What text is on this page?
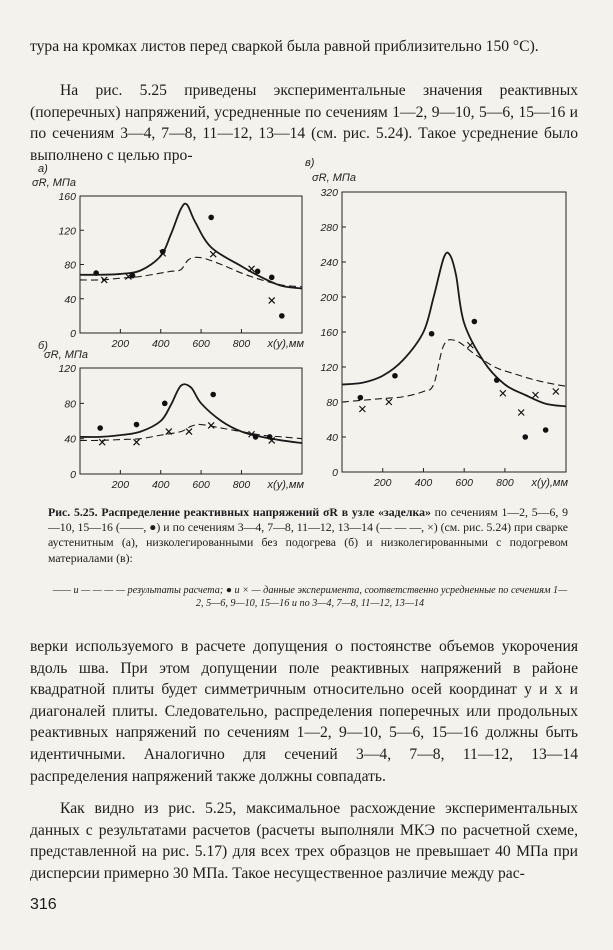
тура на кромках листов перед сваркой была равной приблизительно 150 °С).

На рис. 5.25 приведены экспериментальные значения реактивных (поперечных) напряжений, усредненные по сечениям 1—2, 9—10, 5—6, 15—16 и по сечениям 3—4, 7—8, 11—12, 13—14 (см. рис. 5.24). Такое усреднение было выполнено с целью про-

40
80
120
160
0
200 400 600 800 x(y),мм
σR, МПа
а)
40
80
120
0
200 400 600 800 x(y),мм
σR, МПа
б)
40
80
120
160
200
240
280
320
0
200 400 600 800 x(y),мм
σR, МПа
в)
Рис. 5.25. Распределение реактивных напряжений σR в узле «заделка» по сечениям 1—2, 5—6, 9—10, 15—16 (——, ●) и по сечениям 3—4, 7—8, 11—12, 13—14 (— — —, ×) (см. рис. 5.24) при сварке аустенитным (а), низколегированными без подогрева (б) и низколегированными с подогревом материалами (в):
—— и — — — — результаты расчета; ● и × — данные эксперимента, соответственно усредненные по сечениям 1—2, 5—6, 9—10, 15—16 и по 3—4, 7—8, 11—12, 13—14

верки используемого в расчете допущения о постоянстве объемов укорочения вдоль шва. При этом допущении поле реактивных напряжений в районе квадратной плиты будет симметричным относительно осей координат y и x и диагоналей плиты. Следовательно, распределения поперечных или продольных реактивных напряжений по сечениям 1—2, 9—10, 5—6, 15—16 должны быть идентичными. Аналогично для сечений 3—4, 7—8, 11—12, 13—14 распределения напряжений также должны совпадать.

Как видно из рис. 5.25, максимальное расхождение экспериментальных данных с результатами расчетов (расчеты выполняли МКЭ по расчетной схеме, представленной на рис. 5.17) для всех трех образцов не превышает 40 МПа при дисперсии примерно 30 МПа. Такое несущественное различие между рас-

316
